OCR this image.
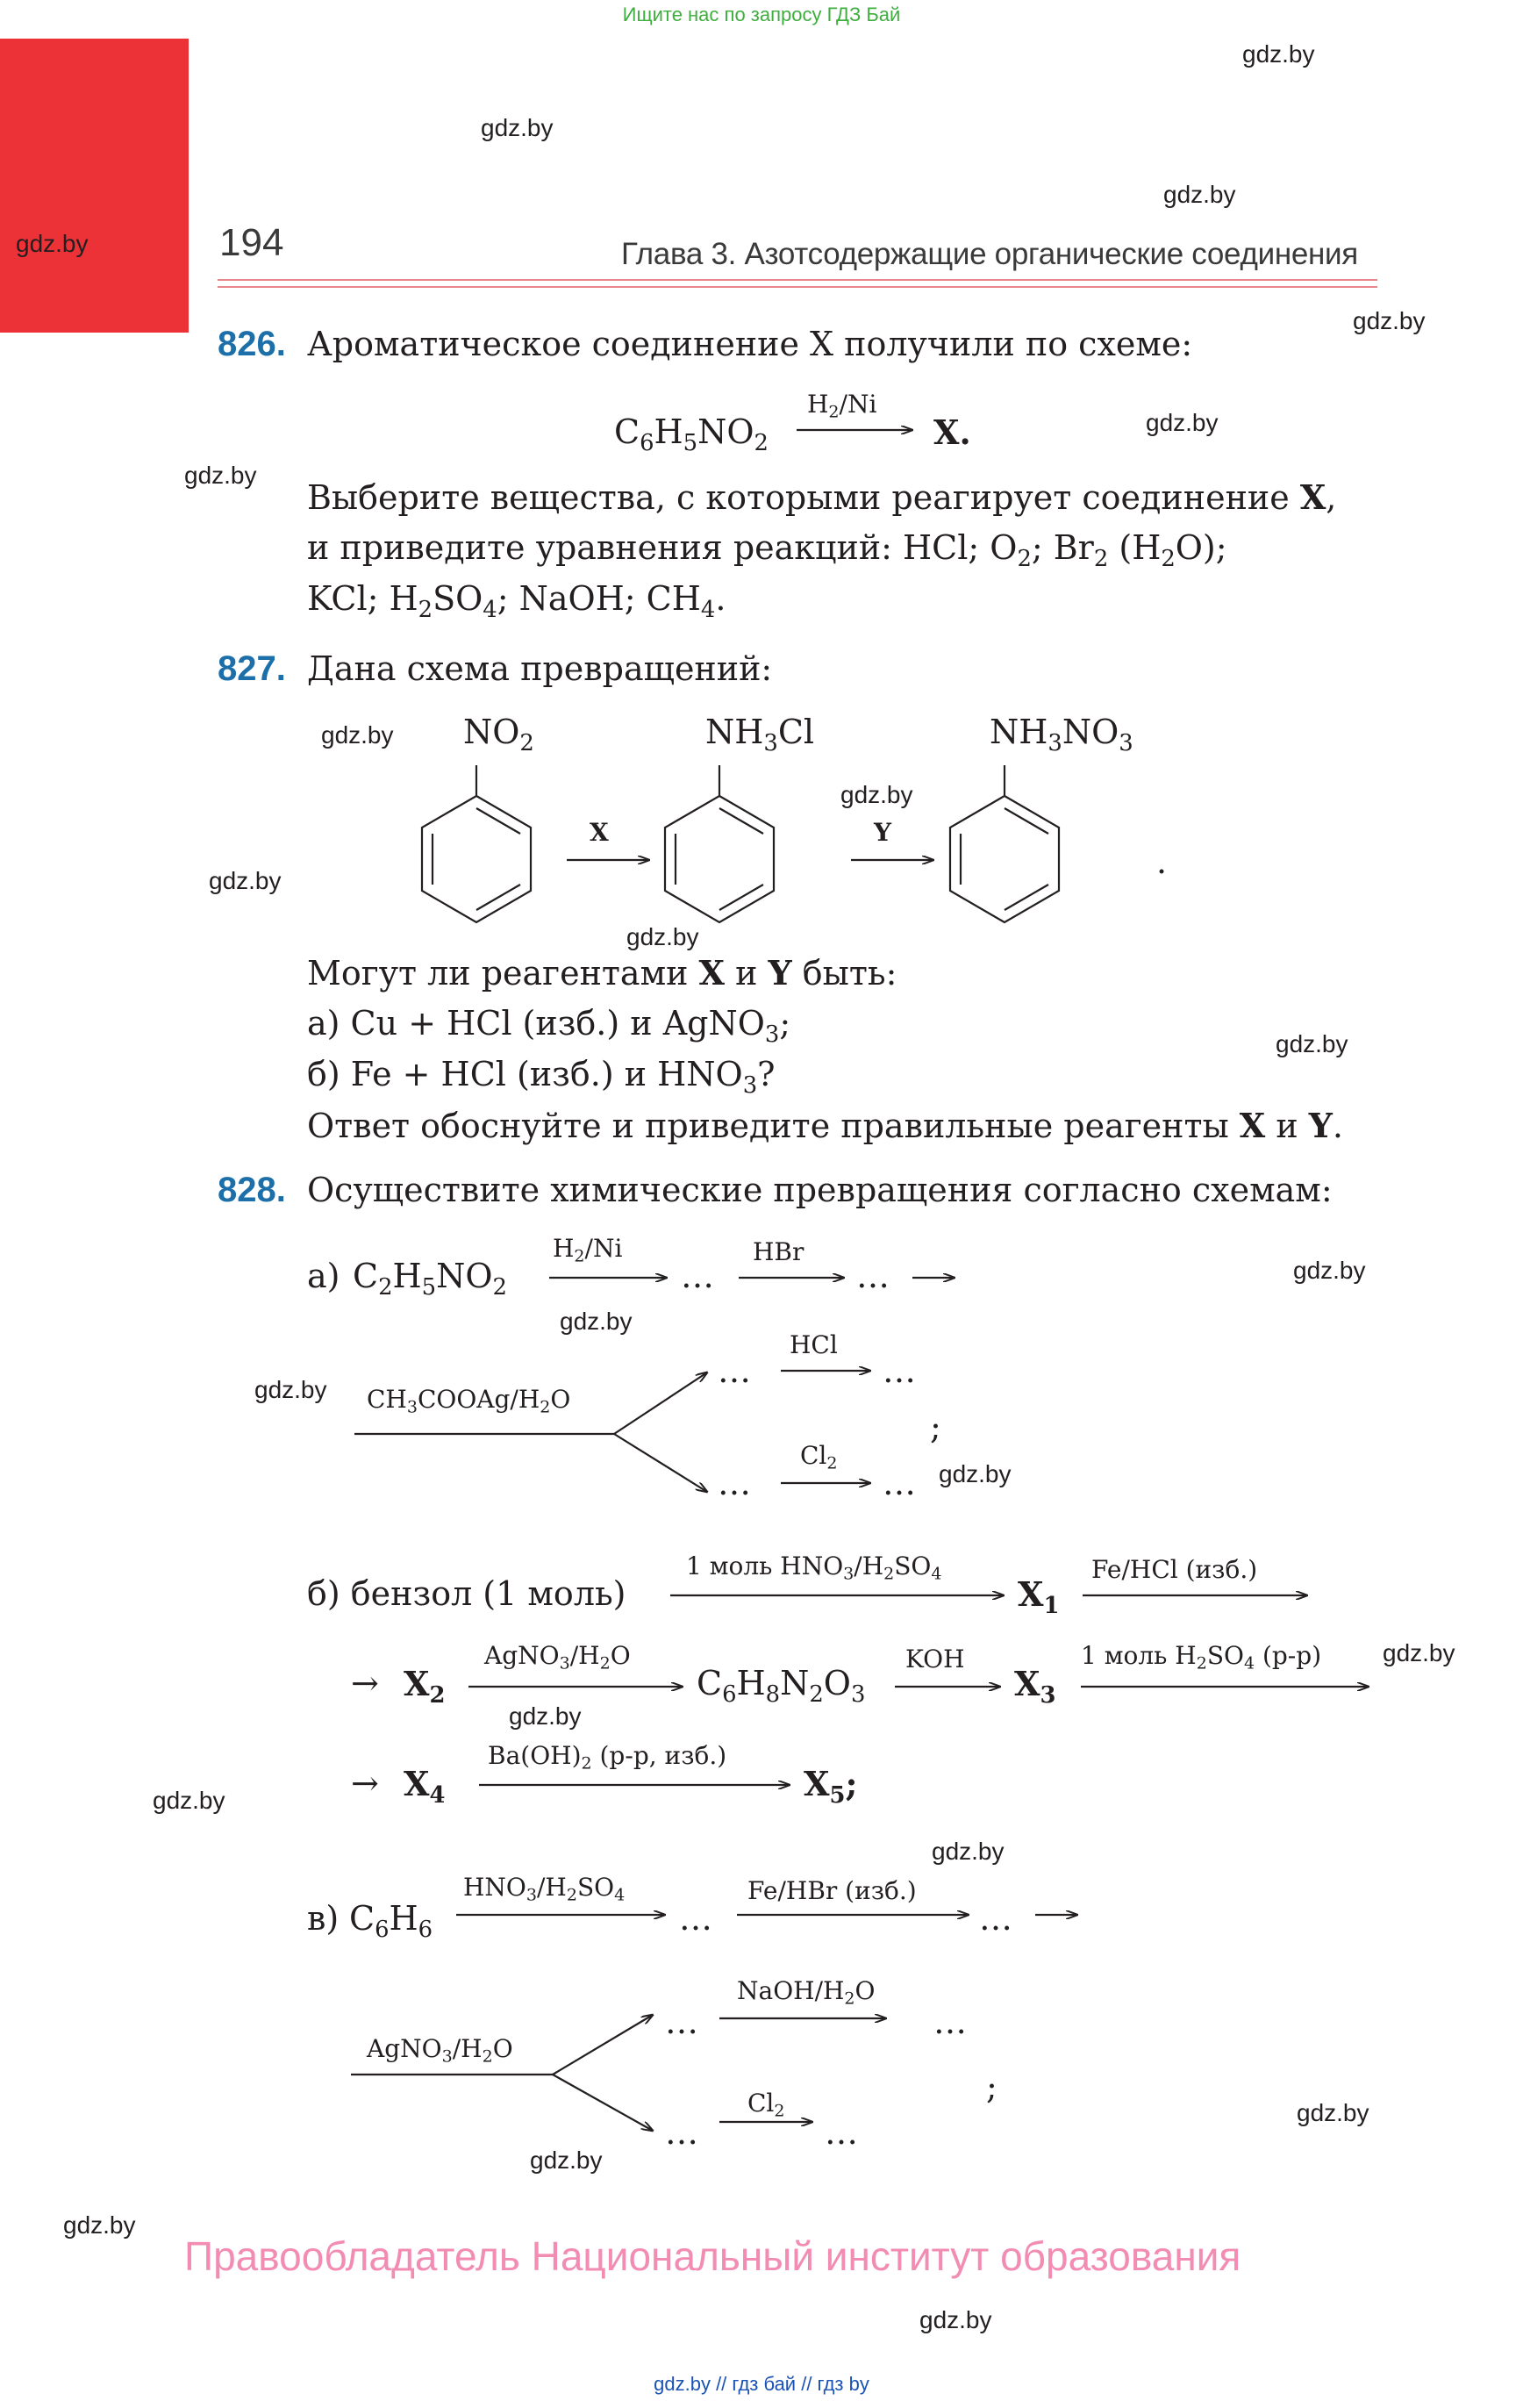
Ищите нас по запросу ГДЗ Бай
gdz.by
gdz.by
gdz.by
gdz.by
gdz.by
gdz.by
gdz.by
gdz.by
gdz.by
gdz.by
gdz.by
gdz.by
gdz.by
gdz.by
gdz.by
gdz.by
gdz.by
gdz.by
gdz.by
gdz.by
gdz.by
gdz.by
gdz.by
gdz.by
194	Глава 3. Азотсодержащие органические соединения
826. Ароматическое соединение X получили по схеме:
$C_6H_5NO_2$
$H_2/Ni$
X.
Выберите вещества, с которыми реагирует соединение X,
и приведите уравнения реакций: HCl; $O_2$; $Br_2$ $(H_2O)$;
KCl; $H_2SO_4$; NaOH; $CH_4$.
827. Дана схема превращений:
$NO_2$	$NH_3Cl$	$NH_3NO_3$
X	Y
.
Могут ли реагентами X и Y быть:
а) Cu + HCl (изб.) и AgNO$_3$;
б) Fe + HCl (изб.) и $HNO_3$?
Ответ обоснуйте и приведите правильные реагенты X и Y.
828. Осуществите химические превращения согласно схемам:
а) $C_2H_5NO_2$
$H_2/Ni$
…
HBr
…
$CH_3COOAg/H_2O$
…
HCl
…
;
…
$Cl_2$
…
б) бензол (1 моль)
1 моль $HNO_3/H_2SO_4$
$X_1$
Fe/HCl (изб.)
→ $X_2$
$AgNO_3/H_2O$
$C_6H_8N_2O_3$
KOH
$X_3$
1 моль $H_2SO_4$ (р-р)
→ $X_4$
$Ba(OH)_2$ (р-р, изб.)
$X_5$;
в) $C_6H_6$
$HNO_3/H_2SO_4$
…
Fe/HBr (изб.)
…
$AgNO_3/H_2O$
…
NaOH/$H_2O$
…
;
…
$Cl_2$
…
Правообладатель Национальный институт образования
gdz.by // гдз бай // гдз by
